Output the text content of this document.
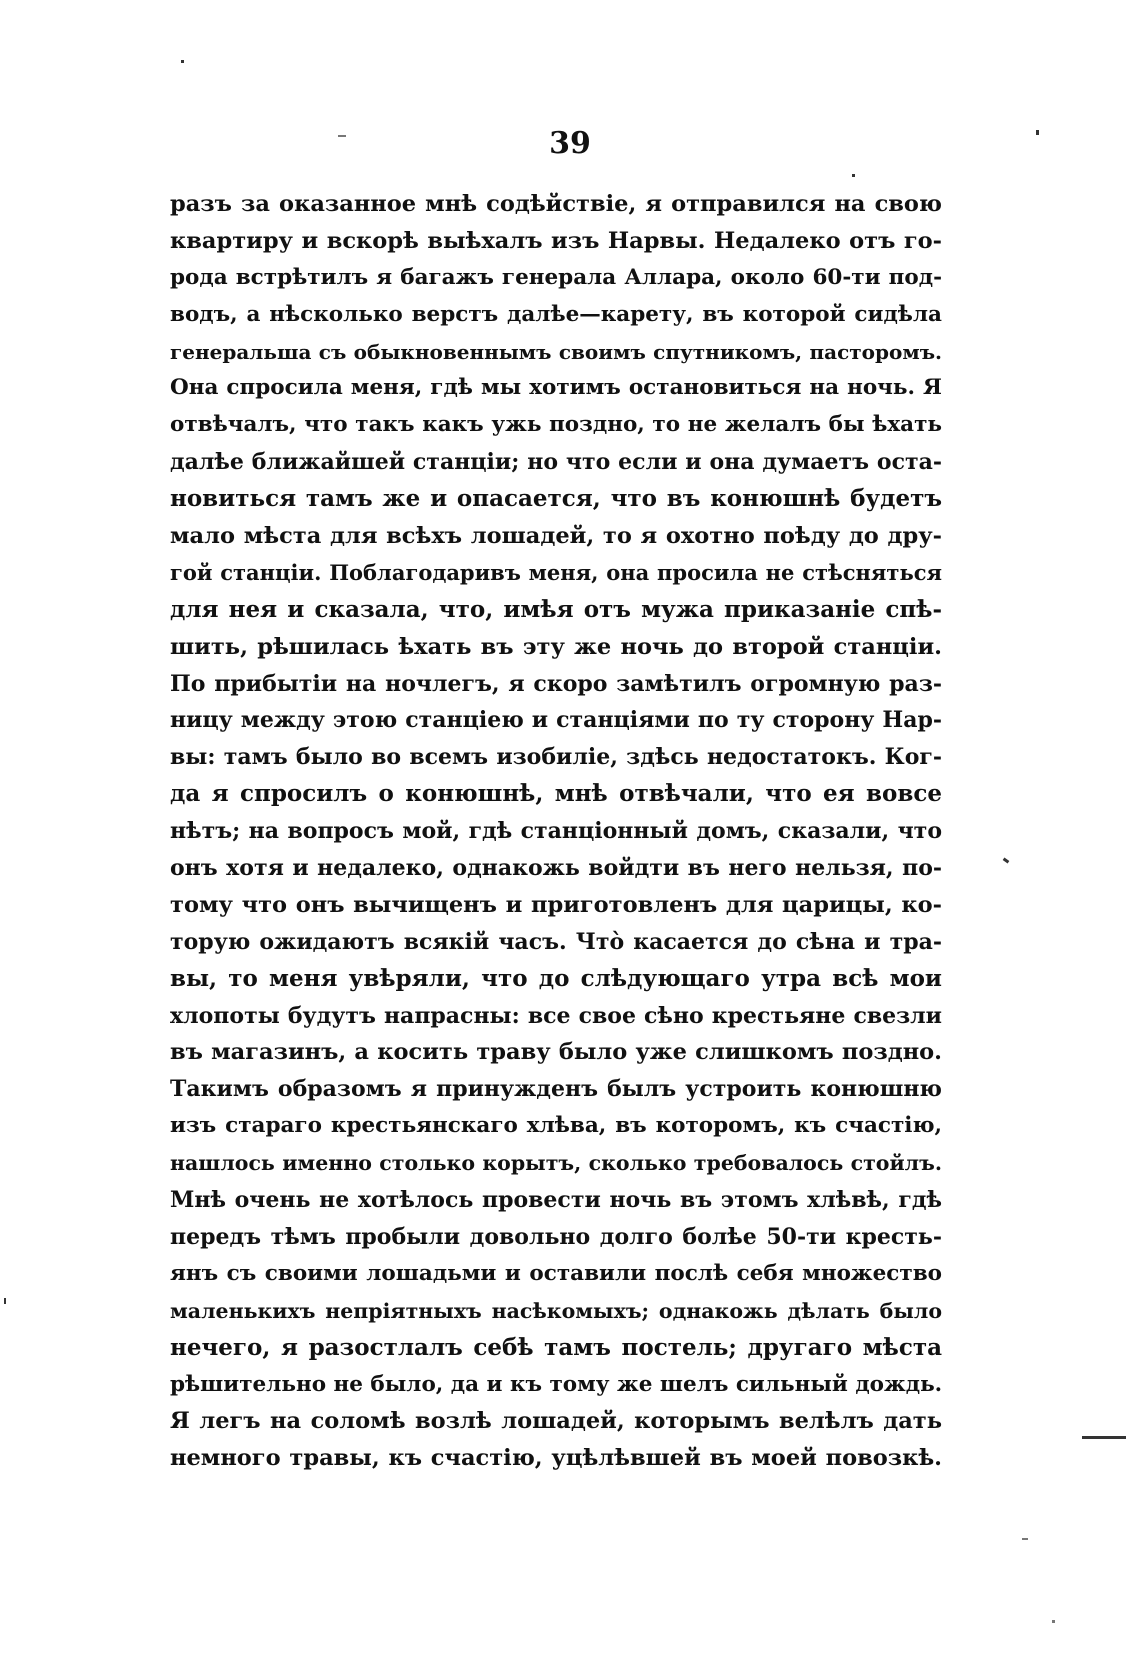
39
разъ за оказанное мнѣ содѣйствіе, я отправился на свою
квартиру и вскорѣ выѣхалъ изъ Нарвы. Недалеко отъ го-
рода встрѣтилъ я багажъ генерала Аллара, около 60-ти под-
водъ, а нѣсколько верстъ далѣе—карету, въ которой сидѣла
генеральша съ обыкновеннымъ своимъ спутникомъ, пасторомъ.
Она спросила меня, гдѣ мы хотимъ остановиться на ночь. Я
отвѣчалъ, что такъ какъ ужь поздно, то не желалъ бы ѣхать
далѣе ближайшей станціи; но что если и она думаетъ оста-
новиться тамъ же и опасается, что въ конюшнѣ будетъ
мало мѣста для всѣхъ лошадей, то я охотно поѣду до дру-
гой станціи. Поблагодаривъ меня, она просила не стѣсняться
для нея и сказала, что, имѣя отъ мужа приказаніе спѣ-
шить, рѣшилась ѣхать въ эту же ночь до второй станціи.
По прибытіи на ночлегъ, я скоро замѣтилъ огромную раз-
ницу между этою станціею и станціями по ту сторону Нар-
вы: тамъ было во всемъ изобиліе, здѣсь недостатокъ. Ког-
да я спросилъ о конюшнѣ, мнѣ отвѣчали, что ея вовсе
нѣтъ; на вопросъ мой, гдѣ станціонный домъ, сказали, что
онъ хотя и недалеко, однакожь войдти въ него нельзя, по-
тому что онъ вычищенъ и приготовленъ для царицы, ко-
торую ожидаютъ всякій часъ. Что̀ касается до сѣна и тра-
вы, то меня увѣряли, что до слѣдующаго утра всѣ мои
хлопоты будутъ напрасны: все свое сѣно крестьяне свезли
въ магазинъ, а косить траву было уже слишкомъ поздно.
Такимъ образомъ я принужденъ былъ устроить конюшню
изъ стараго крестьянскаго хлѣва, въ которомъ, къ счастію,
нашлось именно столько корытъ, сколько требовалось стойлъ.
Мнѣ очень не хотѣлось провести ночь въ этомъ хлѣвѣ, гдѣ
передъ тѣмъ пробыли довольно долго болѣе 50-ти кресть-
янъ съ своими лошадьми и оставили послѣ себя множество
маленькихъ непріятныхъ насѣкомыхъ; однакожь дѣлать было
нечего, я разостлалъ себѣ тамъ постель; другаго мѣста
рѣшительно не было, да и къ тому же шелъ сильный дождь.
Я легъ на соломѣ возлѣ лошадей, которымъ велѣлъ дать
немного травы, къ счастію, уцѣлѣвшей въ моей повозкѣ.
